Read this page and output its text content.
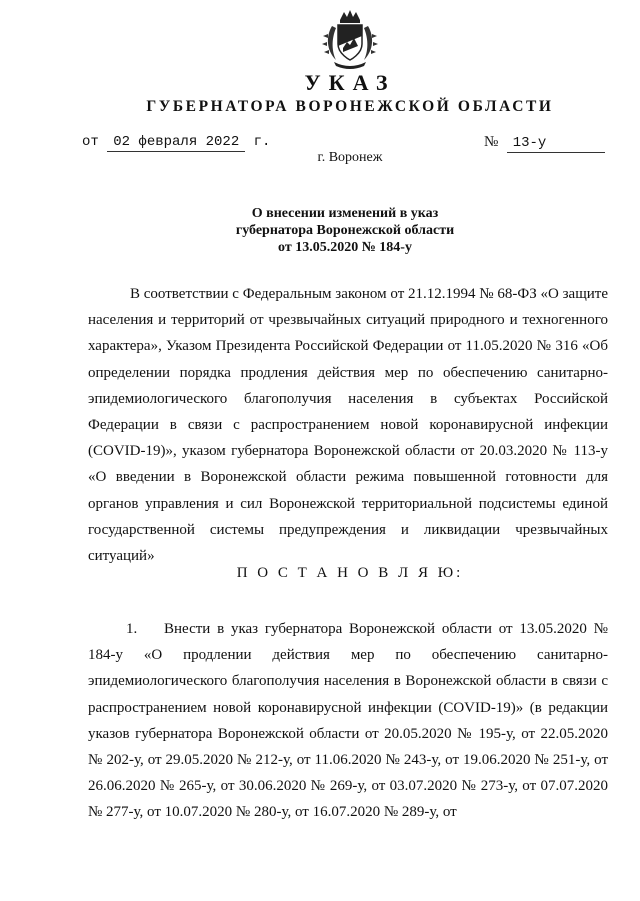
УКАЗ
ГУБЕРНАТОРА ВОРОНЕЖСКОЙ ОБЛАСТИ
от 02 февраля 2022 г.	№ 13-у
г. Воронеж
О внесении изменений в указ
губернатора Воронежской области
от 13.05.2020 № 184-у
В соответствии с Федеральным законом от 21.12.1994 № 68-ФЗ «О защите населения и территорий от чрезвычайных ситуаций природного и техногенного характера», Указом Президента Российской Федерации от 11.05.2020 № 316 «Об определении порядка продления действия мер по обеспечению санитарно-эпидемиологического благополучия населения в субъектах Российской Федерации в связи с распространением новой коронавирусной инфекции (COVID-19)», указом губернатора Воронежской области от 20.03.2020 № 113-у «О введении в Воронежской области режима повышенной готовности для органов управления и сил Воронежской территориальной подсистемы единой государственной системы предупреждения и ликвидации чрезвычайных ситуаций»
П О С Т А Н О В Л Я Ю:
1. Внести в указ губернатора Воронежской области от 13.05.2020 № 184-у «О продлении действия мер по обеспечению санитарно-эпидемиологического благополучия населения в Воронежской области в связи с распространением новой коронавирусной инфекции (COVID-19)» (в редакции указов губернатора Воронежской области от 20.05.2020 № 195-у, от 22.05.2020 № 202-у, от 29.05.2020 № 212-у, от 11.06.2020 № 243-у, от 19.06.2020 № 251-у, от 26.06.2020 № 265-у, от 30.06.2020 № 269-у, от 03.07.2020 № 273-у, от 07.07.2020 № 277-у, от 10.07.2020 № 280-у, от 16.07.2020 № 289-у, от
